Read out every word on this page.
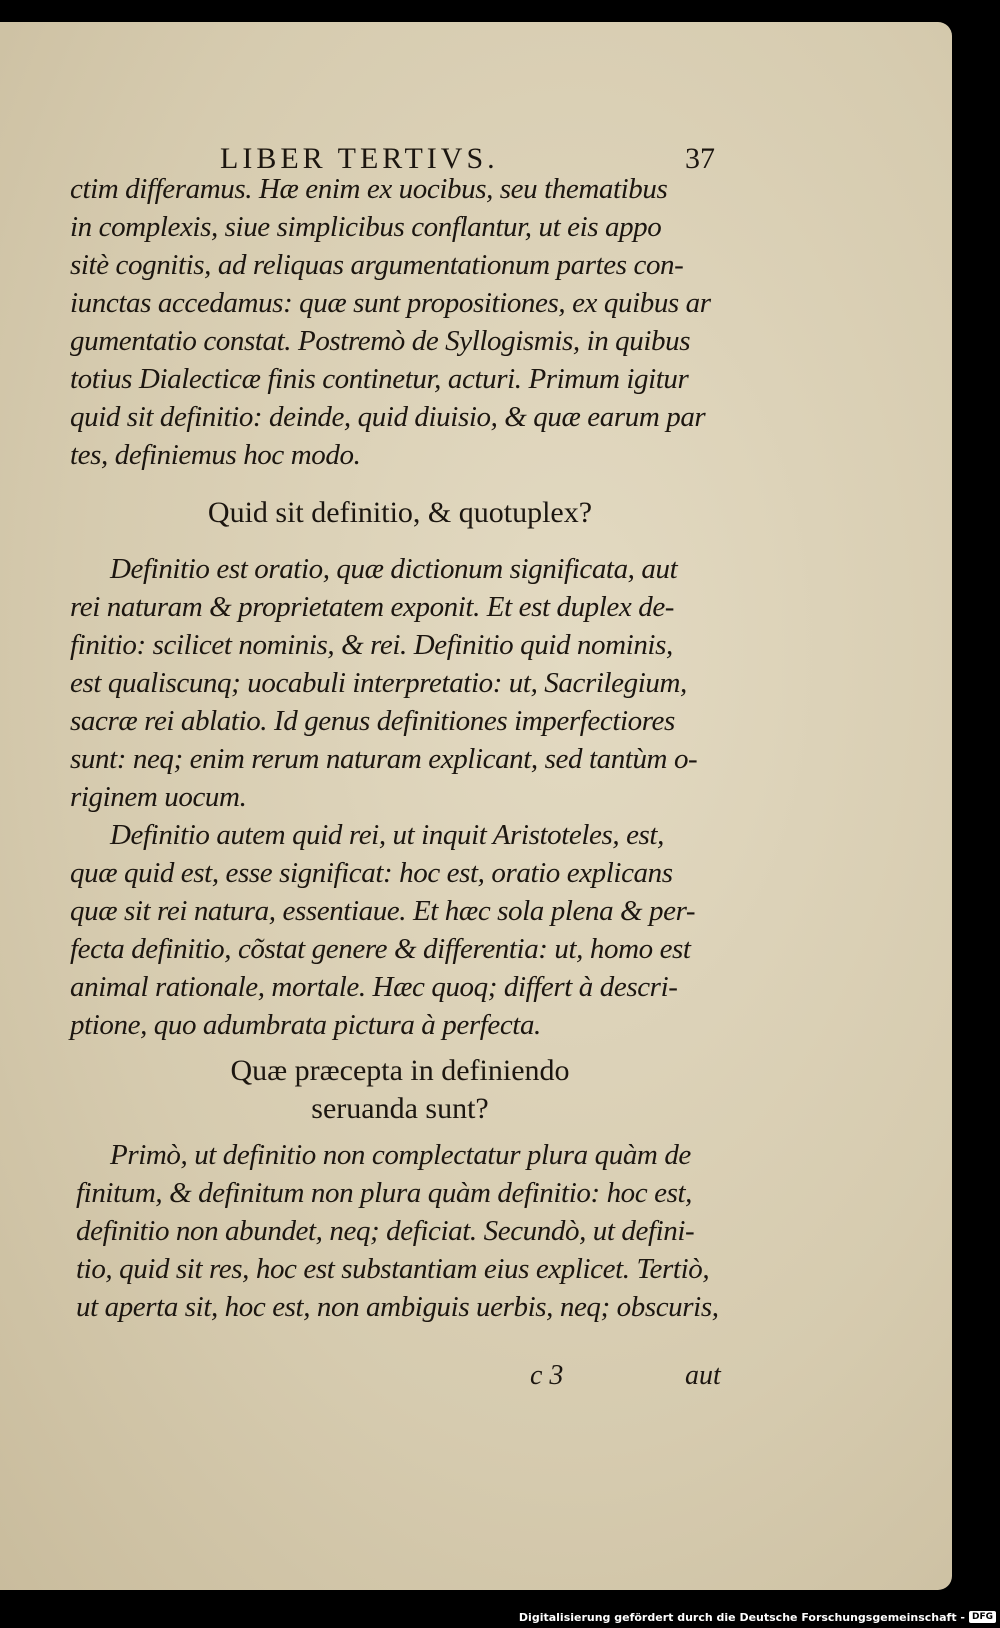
LIBER TERTIVS.	37
ctim differamus. Hæ enim ex uocibus, seu thematibus
in complexis, siue simplicibus conflantur, ut eis appo
sitè cognitis, ad reliquas argumentationum partes con-
iunctas accedamus: quæ sunt propositiones, ex quibus ar
gumentatio constat. Postremò de Syllogismis, in quibus
totius Dialecticæ finis continetur, acturi. Primum igitur
quid sit definitio: deinde, quid diuisio, & quæ earum par
tes, definiemus hoc modo.
Quid sit definitio, & quotuplex?
Definitio est oratio, quæ dictionum significata, aut
rei naturam & proprietatem exponit. Et est duplex de-
finitio: scilicet nominis, & rei. Definitio quid nominis,
est qualiscunq; uocabuli interpretatio: ut, Sacrilegium,
sacræ rei ablatio. Id genus definitiones imperfectiores
sunt: neq; enim rerum naturam explicant, sed tantùm o-
riginem uocum.
Definitio autem quid rei, ut inquit Aristoteles, est,
quæ quid est, esse significat: hoc est, oratio explicans
quæ sit rei natura, essentiaue. Et hæc sola plena & per-
fecta definitio, cõstat genere & differentia: ut, homo est
animal rationale, mortale. Hæc quoq; differt à descri-
ptione, quo adumbrata pictura à perfecta.
Quæ præcepta in definiendo
seruanda sunt?
Primò, ut definitio non complectatur plura quàm de
finitum, & definitum non plura quàm definitio: hoc est,
definitio non abundet, neq; deficiat. Secundò, ut defini-
tio, quid sit res, hoc est substantiam eius explicet. Tertiò,
ut aperta sit, hoc est, non ambiguis uerbis, neq; obscuris,
c 3	aut
Digitalisierung gefördert durch die Deutsche Forschungsgemeinschaft - DFG
